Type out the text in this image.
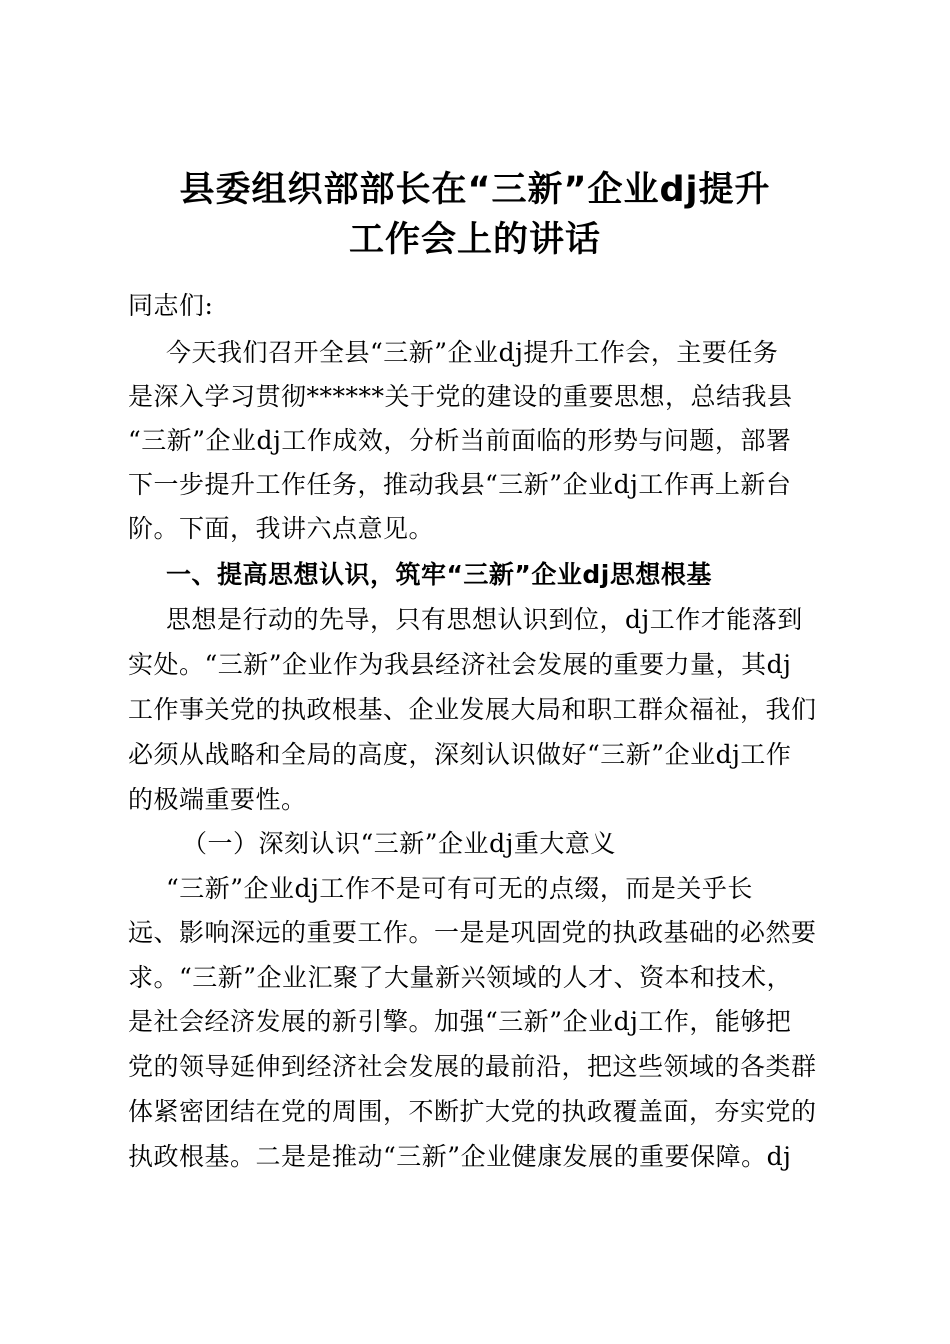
县委组织部部长在“三新”企业dj提升
工作会上的讲话
同志们:
今天我们召开全县“三新”企业dj提升工作会，主要任务
是深入学习贯彻******关于党的建设的重要思想，总结我县
“三新”企业dj工作成效，分析当前面临的形势与问题，部署
下一步提升工作任务，推动我县“三新”企业dj工作再上新台
阶。下面，我讲六点意见。
一、提高思想认识，筑牢“三新”企业dj思想根基
思想是行动的先导，只有思想认识到位，dj工作才能落到
实处。“三新”企业作为我县经济社会发展的重要力量，其dj
工作事关党的执政根基、企业发展大局和职工群众福祉，我们
必须从战略和全局的高度，深刻认识做好“三新”企业dj工作
的极端重要性。
（一）深刻认识“三新”企业dj重大意义
“三新”企业dj工作不是可有可无的点缀，而是关乎长
远、影响深远的重要工作。一是是巩固党的执政基础的必然要
求。“三新”企业汇聚了大量新兴领域的人才、资本和技术，
是社会经济发展的新引擎。加强“三新”企业dj工作，能够把
党的领导延伸到经济社会发展的最前沿，把这些领域的各类群
体紧密团结在党的周围，不断扩大党的执政覆盖面，夯实党的
执政根基。二是是推动“三新”企业健康发展的重要保障。dj
